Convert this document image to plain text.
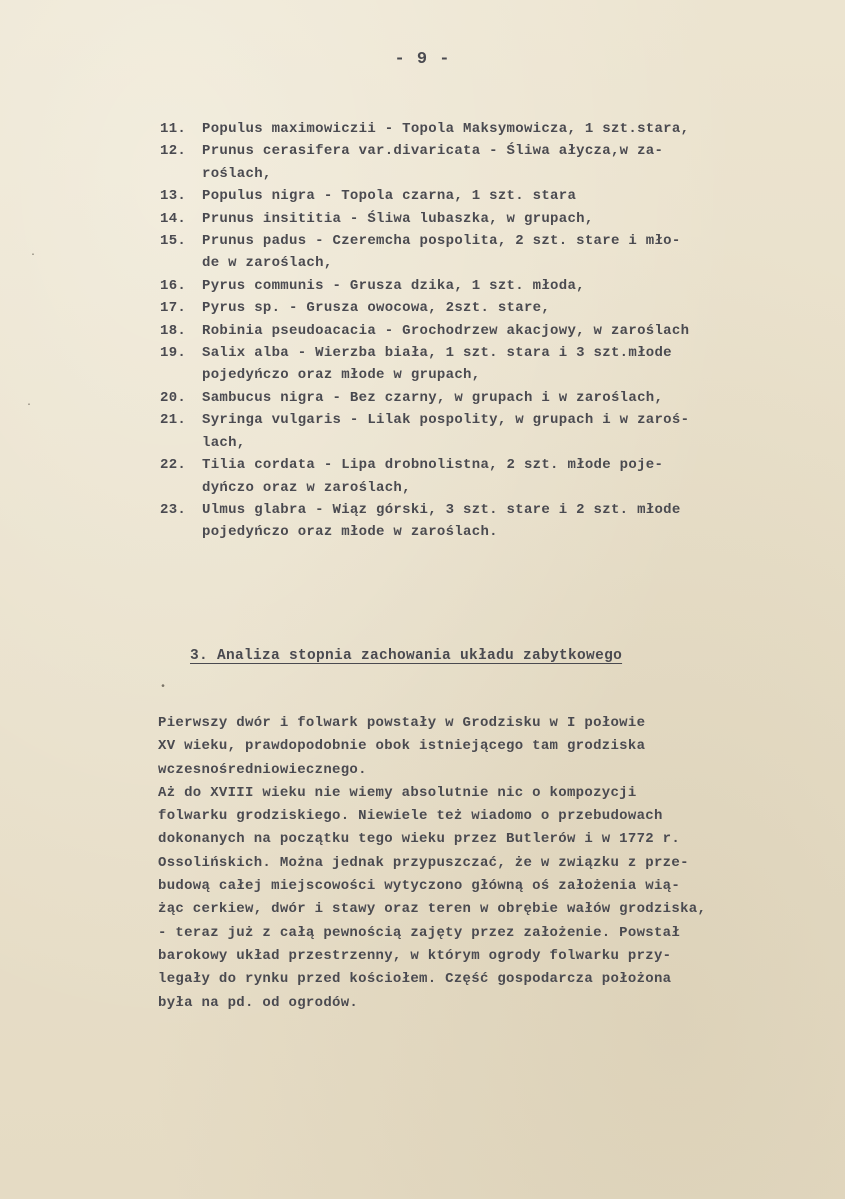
- 9 -
11.	Populus maximowiczii - Topola Maksymowicza, 1 szt.stara,
12.	Prunus cerasifera var.divaricata - Śliwa ałycza,w za-
roślach,
13.	Populus nigra - Topola czarna, 1 szt. stara
14.	Prunus insititia - Śliwa lubaszka, w grupach,
15.	Prunus padus - Czeremcha pospolita, 2 szt. stare i mło-
de w zaroślach,
16.	Pyrus communis - Grusza dzika, 1 szt. młoda,
17.	Pyrus sp. - Grusza owocowa, 2szt. stare,
18.	Robinia pseudoacacia - Grochodrzew akacjowy, w zaroślach
19.	Salix alba - Wierzba biała, 1 szt. stara i 3 szt.młode
pojedyńczo oraz młode w grupach,
20.	Sambucus nigra - Bez czarny, w grupach i w zaroślach,
21.	Syringa vulgaris - Lilak pospolity, w grupach i w zaroś-
lach,
22.	Tilia cordata - Lipa drobnolistna, 2 szt. młode poje-
dyńczo oraz w zaroślach,
23.	Ulmus glabra - Wiąz górski, 3 szt. stare i 2 szt. młode
pojedyńczo oraz młode w zaroślach.
3. Analiza stopnia zachowania układu zabytkowego
•
·
·

Pierwszy dwór i folwark powstały w Grodzisku w I połowie
XV wieku, prawdopodobnie obok istniejącego tam grodziska
wczesnośredniowiecznego.

Aż do XVIII wieku nie wiemy absolutnie nic o kompozycji
folwarku grodziskiego. Niewiele też wiadomo o przebudowach
dokonanych na początku tego wieku przez Butlerów i w 1772 r.
Ossolińskich. Można jednak przypuszczać, że w związku z prze-
budową całej miejscowości wytyczono główną oś założenia wią-
żąc cerkiew, dwór i stawy oraz teren w obrębie wałów grodziska,
- teraz już z całą pewnością zajęty przez założenie. Powstał
barokowy układ przestrzenny, w którym ogrody folwarku przy-
legały do rynku przed kościołem. Część gospodarcza położona
była na pd. od ogrodów.
